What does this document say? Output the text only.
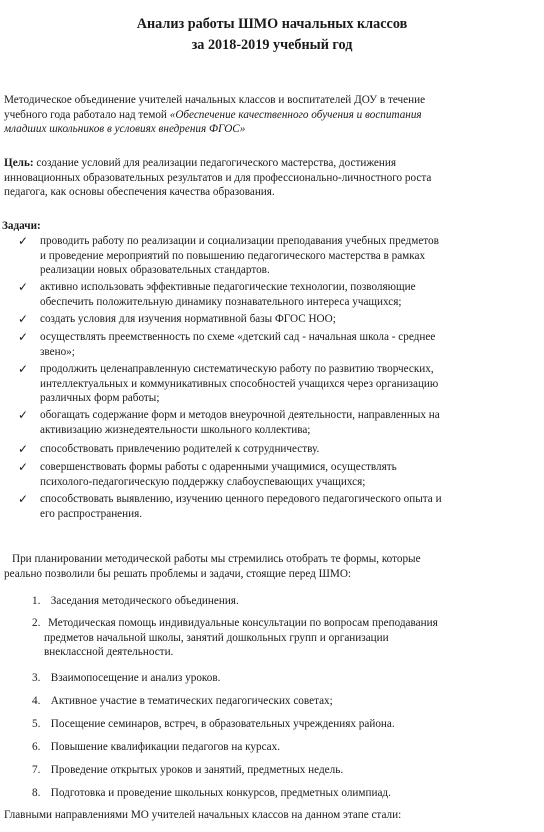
Анализ работы ШМО начальных классов
за 2018-2019 учебный год
Методическое объединение учителей начальных классов и воспитателей ДОУ в течение
учебного года работало над темой «Обеспечение качественного обучения и воспитания
младших школьников в условиях внедрения ФГОС»
Цель: создание условий для реализации педагогического мастерства, достижения
инновационных образовательных результатов и для профессионально-личностного роста
педагога, как основы обеспечения качества образования.
Задачи:
✓	проводить работу по реализации и социализации преподавания учебных предметов
и проведение мероприятий по повышению педагогического мастерства в рамках
реализации новых образовательных стандартов.
✓	активно использовать эффективные педагогические технологии, позволяющие
обеспечить положительную динамику познавательного интереса учащихся;
✓	создать условия для изучения нормативной базы ФГОС НОО;
✓	осуществлять преемственность по схеме «детский сад - начальная школа - среднее
звено»;
✓	продолжить целенаправленную систематическую работу по развитию творческих,
интеллектуальных и коммуникативных способностей учащихся через организацию
различных форм работы;
✓	обогащать содержание форм и методов внеурочной деятельности, направленных на
активизацию жизнедеятельности школьного коллектива;
✓	способствовать привлечению родителей к сотрудничеству.
✓	совершенствовать формы работы с одаренными учащимися, осуществлять
психолого-педагогическую поддержку слабоуспевающих учащихся;
✓	способствовать выявлению, изучению ценного передового педагогического опыта и
его распространения.
При планировании методической работы мы стремились отобрать те формы, которые
реально позволили бы решать проблемы и задачи, стоящие перед ШМО:
1. Заседания методического объединения.
2. Методическая помощь индивидуальные консультации по вопросам преподавания
предметов начальной школы, занятий дошкольных групп и организации
внеклассной деятельности.
3. Взаимопосещение и анализ уроков.
4. Активное участие в тематических педагогических советах;
5. Посещение семинаров, встреч, в образовательных учреждениях района.
6. Повышение квалификации педагогов на курсах.
7. Проведение открытых уроков и занятий, предметных недель.
8. Подготовка и проведение школьных конкурсов, предметных олимпиад.
Главными направлениями МО учителей начальных классов на данном этапе стали:
